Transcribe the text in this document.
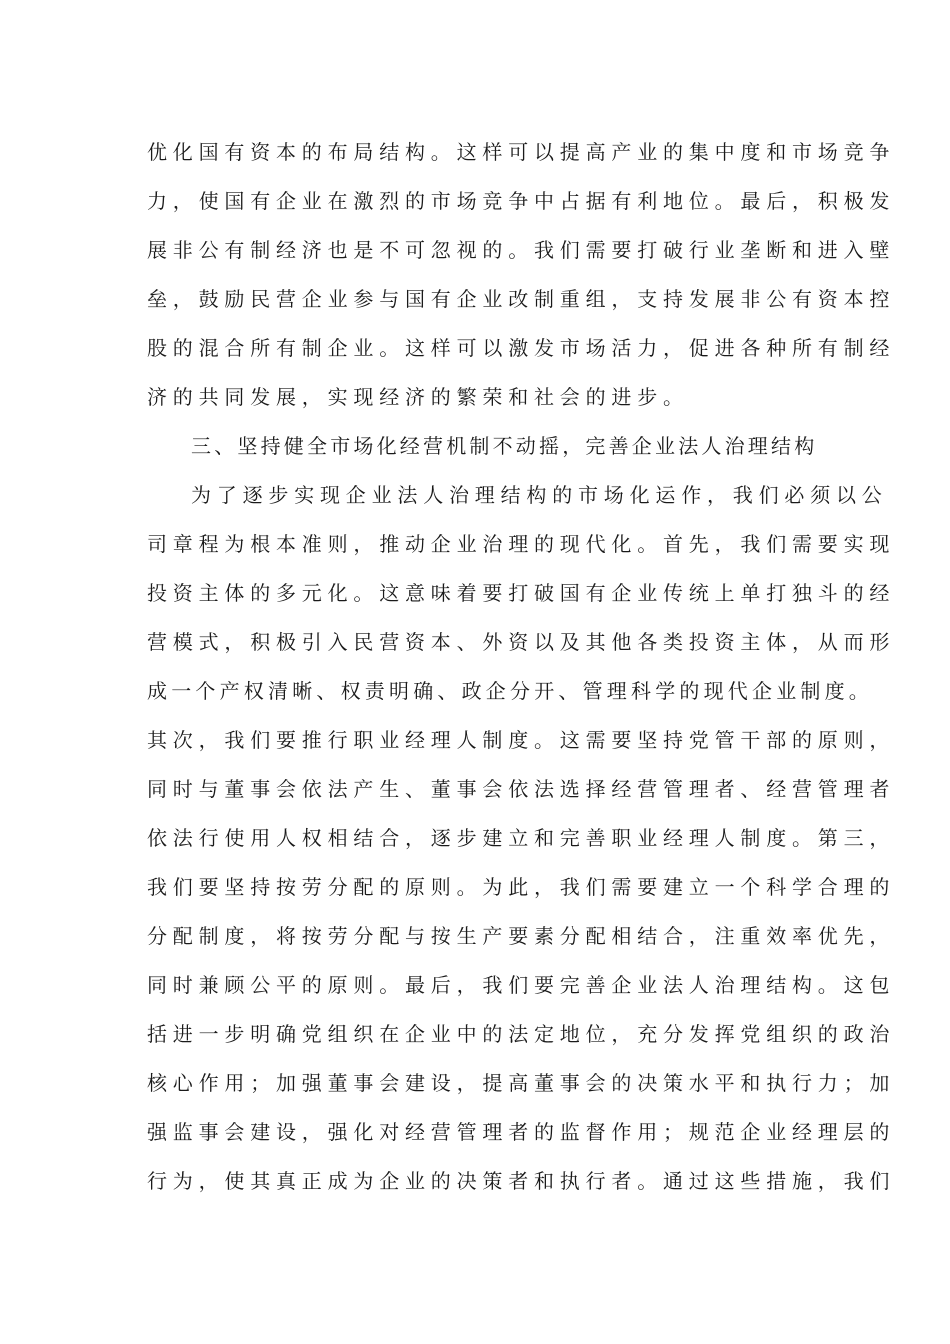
优化国有资本的布局结构。这样可以提高产业的集中度和市场竞争
力，使国有企业在激烈的市场竞争中占据有利地位。最后，积极发
展非公有制经济也是不可忽视的。我们需要打破行业垄断和进入壁
垒，鼓励民营企业参与国有企业改制重组，支持发展非公有资本控
股的混合所有制企业。这样可以激发市场活力，促进各种所有制经
济的共同发展，实现经济的繁荣和社会的进步。
三、坚持健全市场化经营机制不动摇，完善企业法人治理结构
为了逐步实现企业法人治理结构的市场化运作，我们必须以公
司章程为根本准则，推动企业治理的现代化。首先，我们需要实现
投资主体的多元化。这意味着要打破国有企业传统上单打独斗的经
营模式，积极引入民营资本、外资以及其他各类投资主体，从而形
成一个产权清晰、权责明确、政企分开、管理科学的现代企业制度。
其次，我们要推行职业经理人制度。这需要坚持党管干部的原则，
同时与董事会依法产生、董事会依法选择经营管理者、经营管理者
依法行使用人权相结合，逐步建立和完善职业经理人制度。第三，
我们要坚持按劳分配的原则。为此，我们需要建立一个科学合理的
分配制度，将按劳分配与按生产要素分配相结合，注重效率优先，
同时兼顾公平的原则。最后，我们要完善企业法人治理结构。这包
括进一步明确党组织在企业中的法定地位，充分发挥党组织的政治
核心作用；加强董事会建设，提高董事会的决策水平和执行力；加
强监事会建设，强化对经营管理者的监督作用；规范企业经理层的
行为，使其真正成为企业的决策者和执行者。通过这些措施，我们
